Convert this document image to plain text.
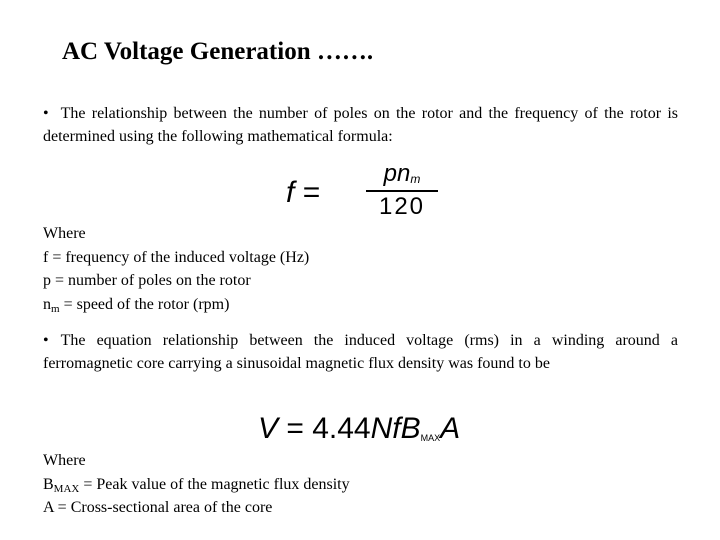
AC Voltage Generation …….
• The relationship between the number of poles on the rotor and the frequency of the rotor is determined using the following mathematical formula:
f =
$pn_m$
120
Where
f = frequency of the induced voltage (Hz)
p = number of poles on the rotor
$n_m$ = speed of the rotor (rpm)
• The equation relationship between the induced voltage (rms) in a winding around a ferromagnetic core carrying a sinusoidal magnetic flux density was found to be
V = 4.44NfB$_{MAX}$A
Where
$B_{MAX}$ = Peak value of the magnetic flux density
A = Cross-sectional area of the core
